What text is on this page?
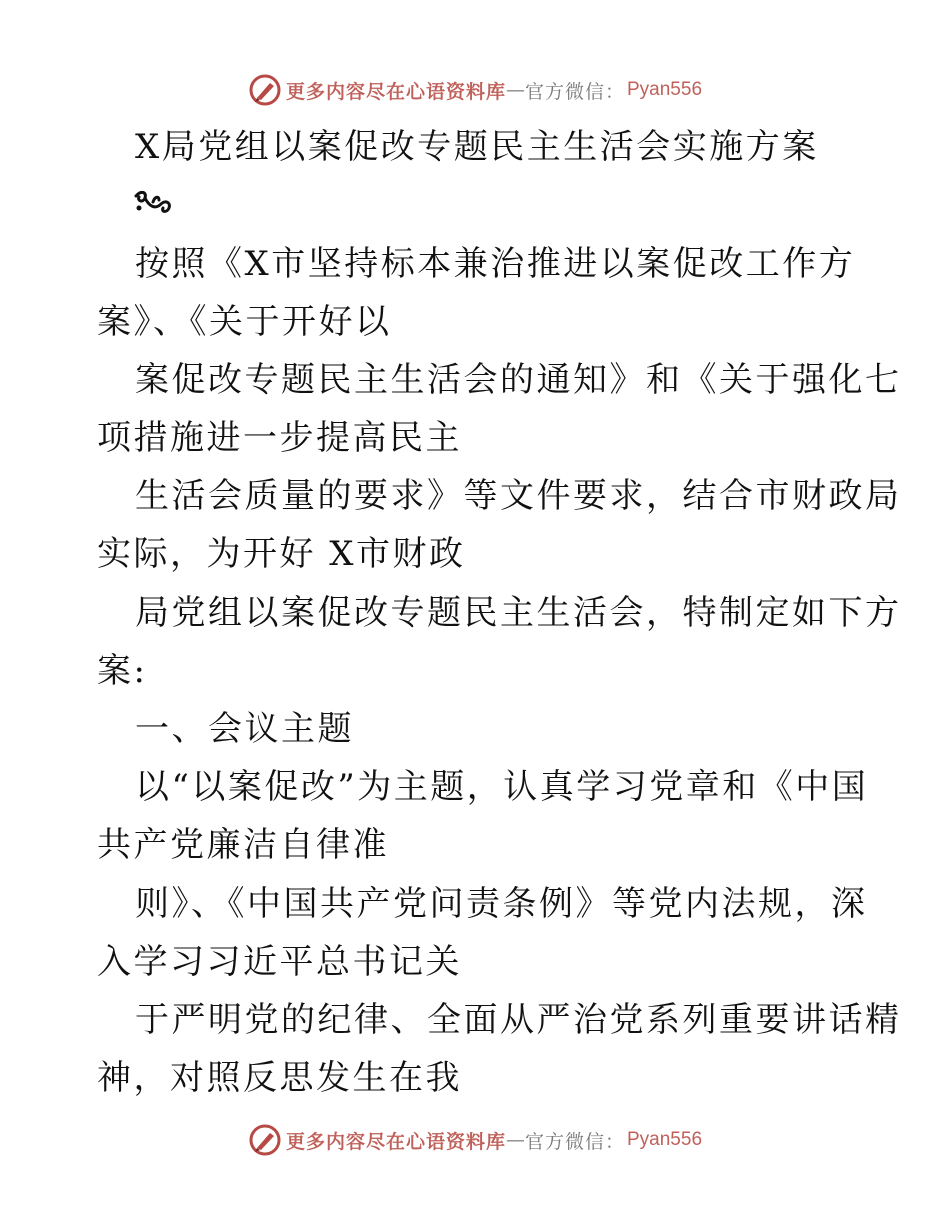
更多内容尽在心语资料库 — 官方微信： Pyan556
X局党组以案促改专题民主生活会实施方案
按照《X市坚持标本兼治推进以案促改工作方
案》、《关于开好以
案促改专题民主生活会的通知》和《关于强化七
项措施进一步提高民主
生活会质量的要求》等文件要求，结合市财政局
实际，为开好 X市财政
局党组以案促改专题民主生活会，特制定如下方
案:
一、会议主题
以“以案促改”为主题，认真学习党章和《中国
共产党廉洁自律准
则》、《中国共产党问责条例》等党内法规，深
入学习习近平总书记关
于严明党的纪律、全面从严治党系列重要讲话精
神，对照反思发生在我
更多内容尽在心语资料库 — 官方微信： Pyan556
